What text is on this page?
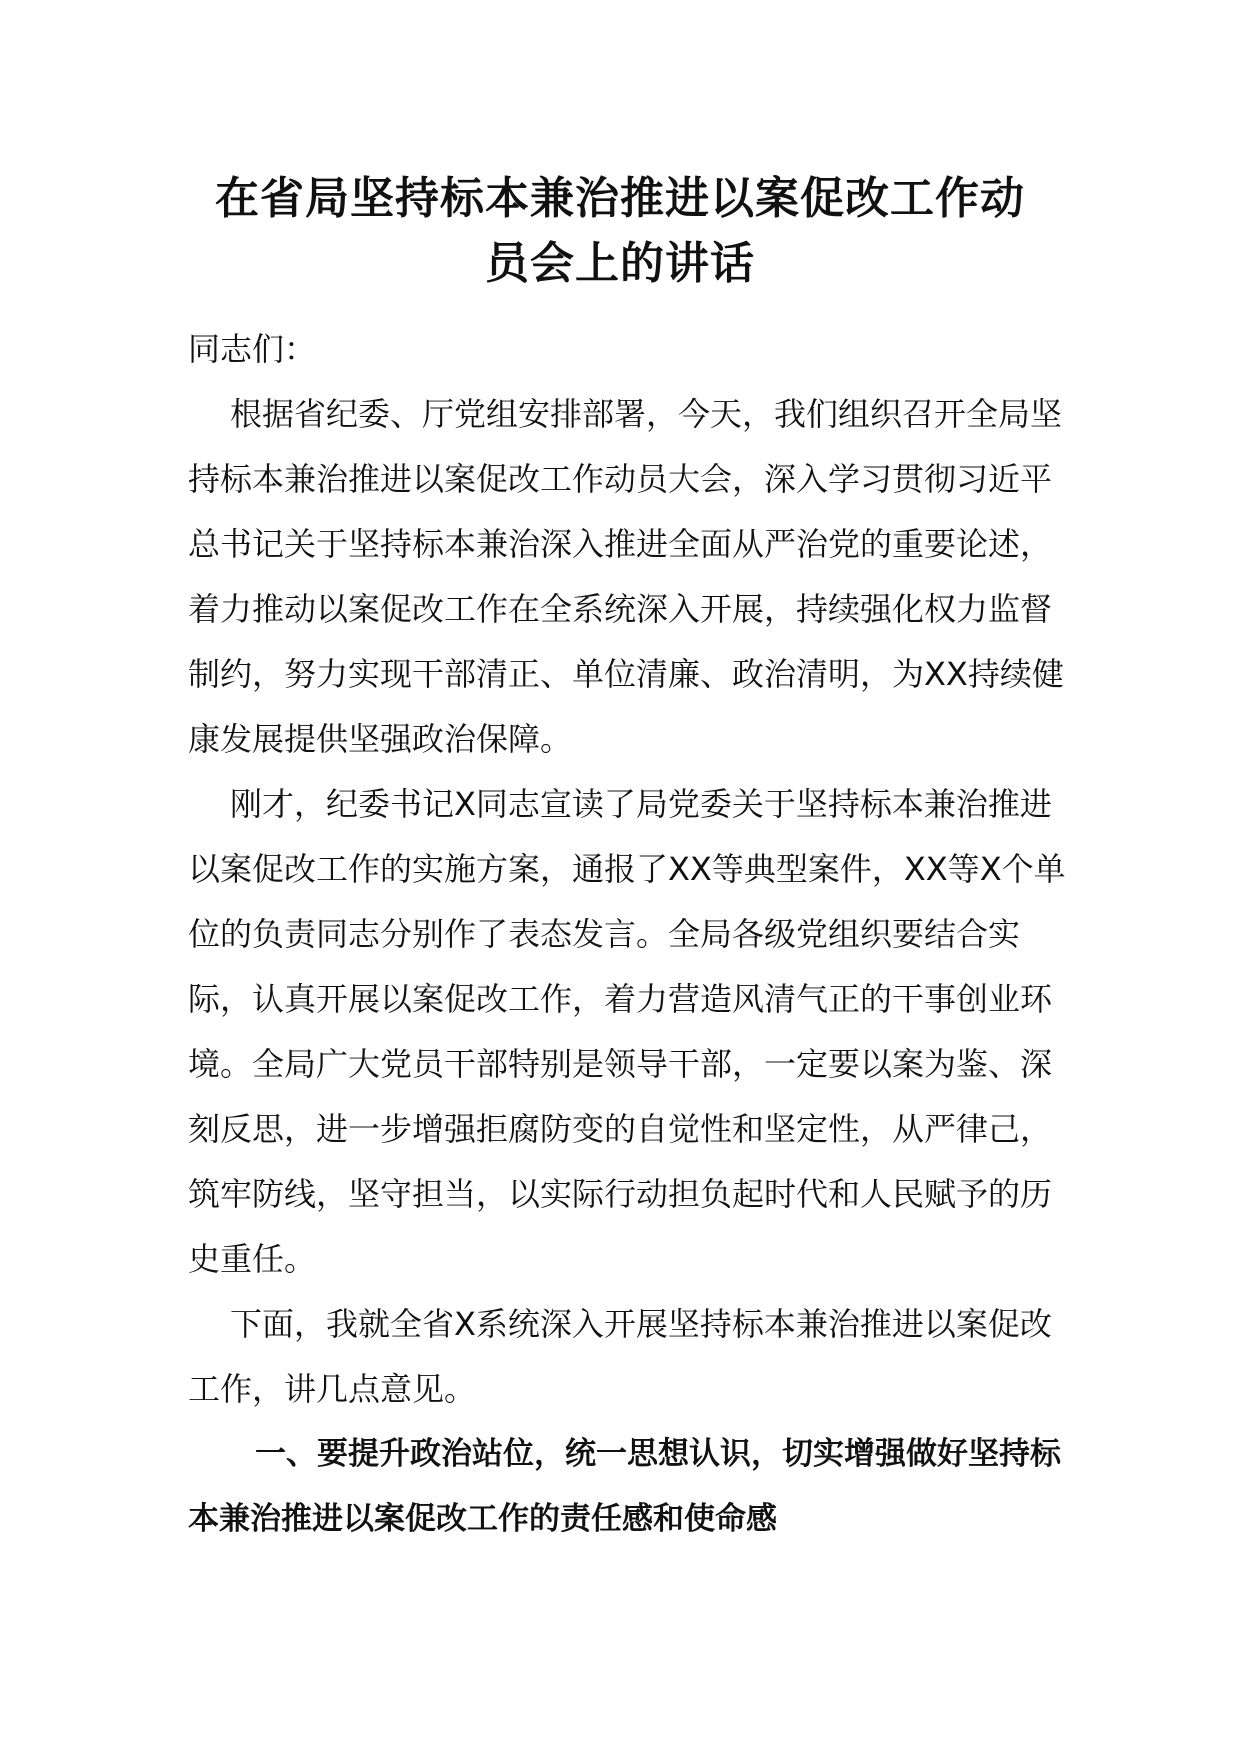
在省局坚持标本兼治推进以案促改工作动
员会上的讲话

同志们：

根据省纪委、厅党组安排部署，今天，我们组织召开全局坚持标本兼治推进以案促改工作动员大会，深入学习贯彻习近平总书记关于坚持标本兼治深入推进全面从严治党的重要论述，着力推动以案促改工作在全系统深入开展，持续强化权力监督制约，努力实现干部清正、单位清廉、政治清明，为XX持续健康发展提供坚强政治保障。

刚才，纪委书记X同志宣读了局党委关于坚持标本兼治推进以案促改工作的实施方案，通报了XX等典型案件，XX等X个单位的负责同志分别作了表态发言。全局各级党组织要结合实际，认真开展以案促改工作，着力营造风清气正的干事创业环境。全局广大党员干部特别是领导干部，一定要以案为鉴、深刻反思，进一步增强拒腐防变的自觉性和坚定性，从严律己，筑牢防线，坚守担当，以实际行动担负起时代和人民赋予的历史重任。

下面，我就全省X系统深入开展坚持标本兼治推进以案促改工作，讲几点意见。

一、要提升政治站位，统一思想认识，切实增强做好坚持标本兼治推进以案促改工作的责任感和使命感
